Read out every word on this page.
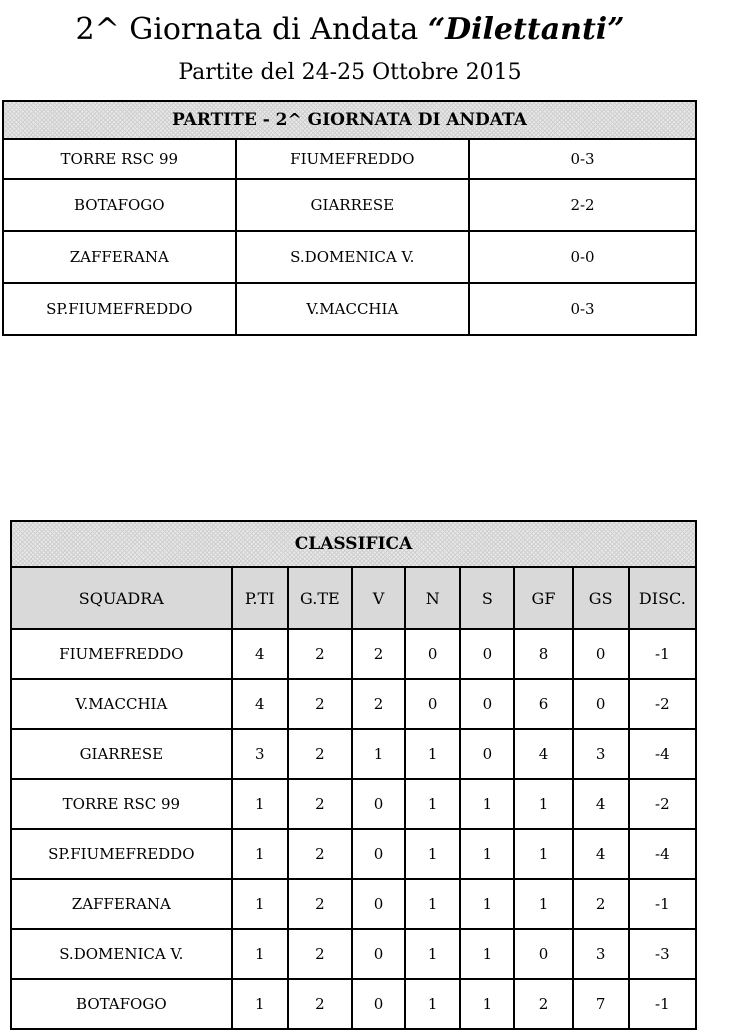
2^ Giornata di Andata “Dilettanti”
Partite del 24-25 Ottobre 2015
PARTITE - 2^ GIORNATA DI ANDATA		
TORRE RSC 99	FIUMEFREDDO	0-3
BOTAFOGO	GIARRESE	2-2
ZAFFERANA	S.DOMENICA V.	0-0
SP.FIUMEFREDDO	V.MACCHIA	0-3
CLASSIFICA								
SQUADRA	P.TI	G.TE	V	N	S	GF	GS	DISC.
FIUMEFREDDO	4	2	2	0	0	8	0	-1
V.MACCHIA	4	2	2	0	0	6	0	-2
GIARRESE	3	2	1	1	0	4	3	-4
TORRE RSC 99	1	2	0	1	1	1	4	-2
SP.FIUMEFREDDO	1	2	0	1	1	1	4	-4
ZAFFERANA	1	2	0	1	1	1	2	-1
S.DOMENICA V.	1	2	0	1	1	0	3	-3
BOTAFOGO	1	2	0	1	1	2	7	-1
